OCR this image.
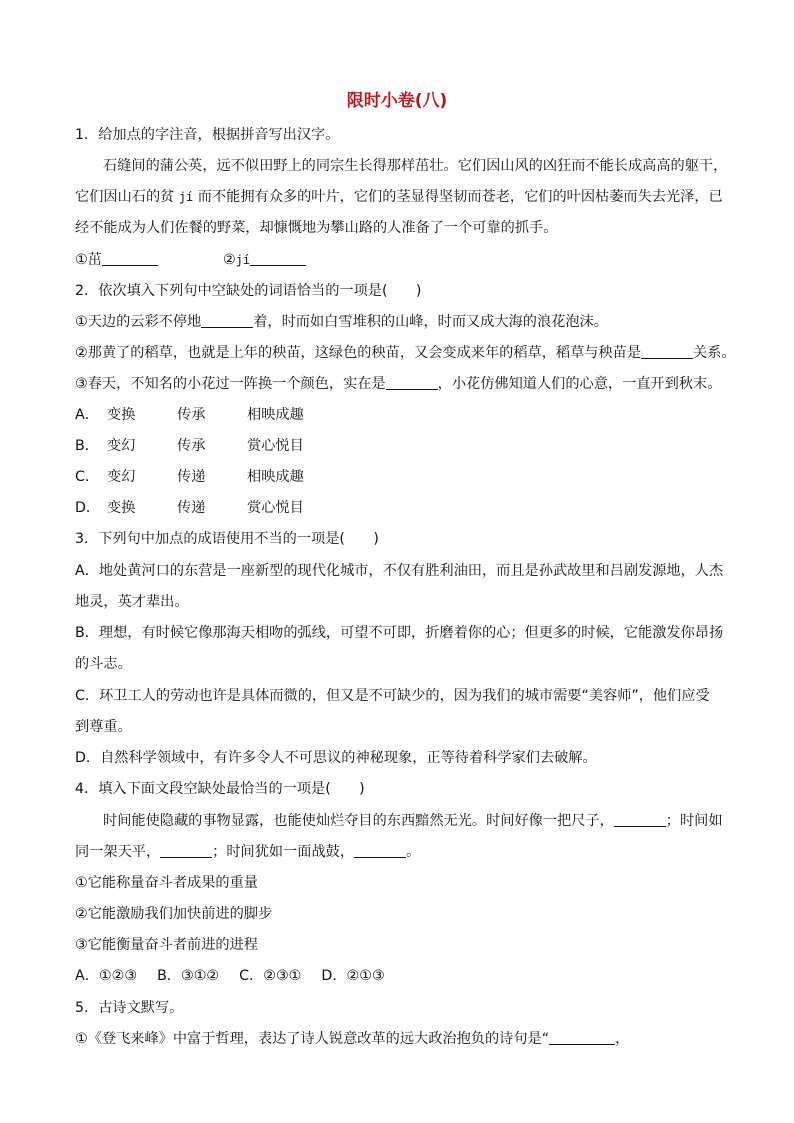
限时小卷(八)
1．给加点的字注音，根据拼音写出汉字。
石缝间的蒲公英，远不似田野上的同宗生长得那样茁壮。它们因山风的凶狂而不能长成高高的躯干，
它们因山石的贫 jí 而不能拥有众多的叶片，它们的茎显得坚韧而苍老，它们的叶因枯萎而失去光泽，已
经不能成为人们佐餐的野菜，却慷慨地为攀山路的人准备了一个可靠的抓手。
①茁	②jí
2．依次填入下列句中空缺处的词语恰当的一项是(　　)
①天边的云彩不停地	着，时而如白雪堆积的山峰，时而又成大海的浪花泡沫。
②那黄了的稻草，也就是上年的秧苗，这绿色的秧苗，又会变成来年的稻草，稻草与秧苗是	关系。
③春天，不知名的小花过一阵换一个颜色，实在是	，小花仿佛知道人们的心意，一直开到秋末。
A． 变换	传承	相映成趣
B． 变幻	传承	赏心悦目
C． 变幻	传递	相映成趣
D． 变换	传递	赏心悦目
3．下列句中加点的成语使用不当的一项是(　　)
A．地处黄河口的东营是一座新型的现代化城市，不仅有胜利油田，而且是孙武故里和吕剧发源地，人杰
地灵，英才辈出。
B．理想，有时候它像那海天相吻的弧线，可望不可即，折磨着你的心；但更多的时候，它能激发你昂扬
的斗志。
C．环卫工人的劳动也许是具体而微的，但又是不可缺少的，因为我们的城市需要“美容师”，他们应受
到尊重。
D．自然科学领域中，有许多令人不可思议的神秘现象，正等待着科学家们去破解。
4．填入下面文段空缺处最恰当的一项是(　　)
时间能使隐藏的事物显露，也能使灿烂夺目的东西黯然无光。时间好像一把尺子，	；时间如
同一架天平，	；时间犹如一面战鼓，	。
①它能称量奋斗者成果的重量
②它能激励我们加快前进的脚步
③它能衡量奋斗者前进的进程
A．①②③ B．③①② C．②③① D．②①③
5．古诗文默写。
①《登飞来峰》中富于哲理，表达了诗人锐意改革的远大政治抱负的诗句是“	，
